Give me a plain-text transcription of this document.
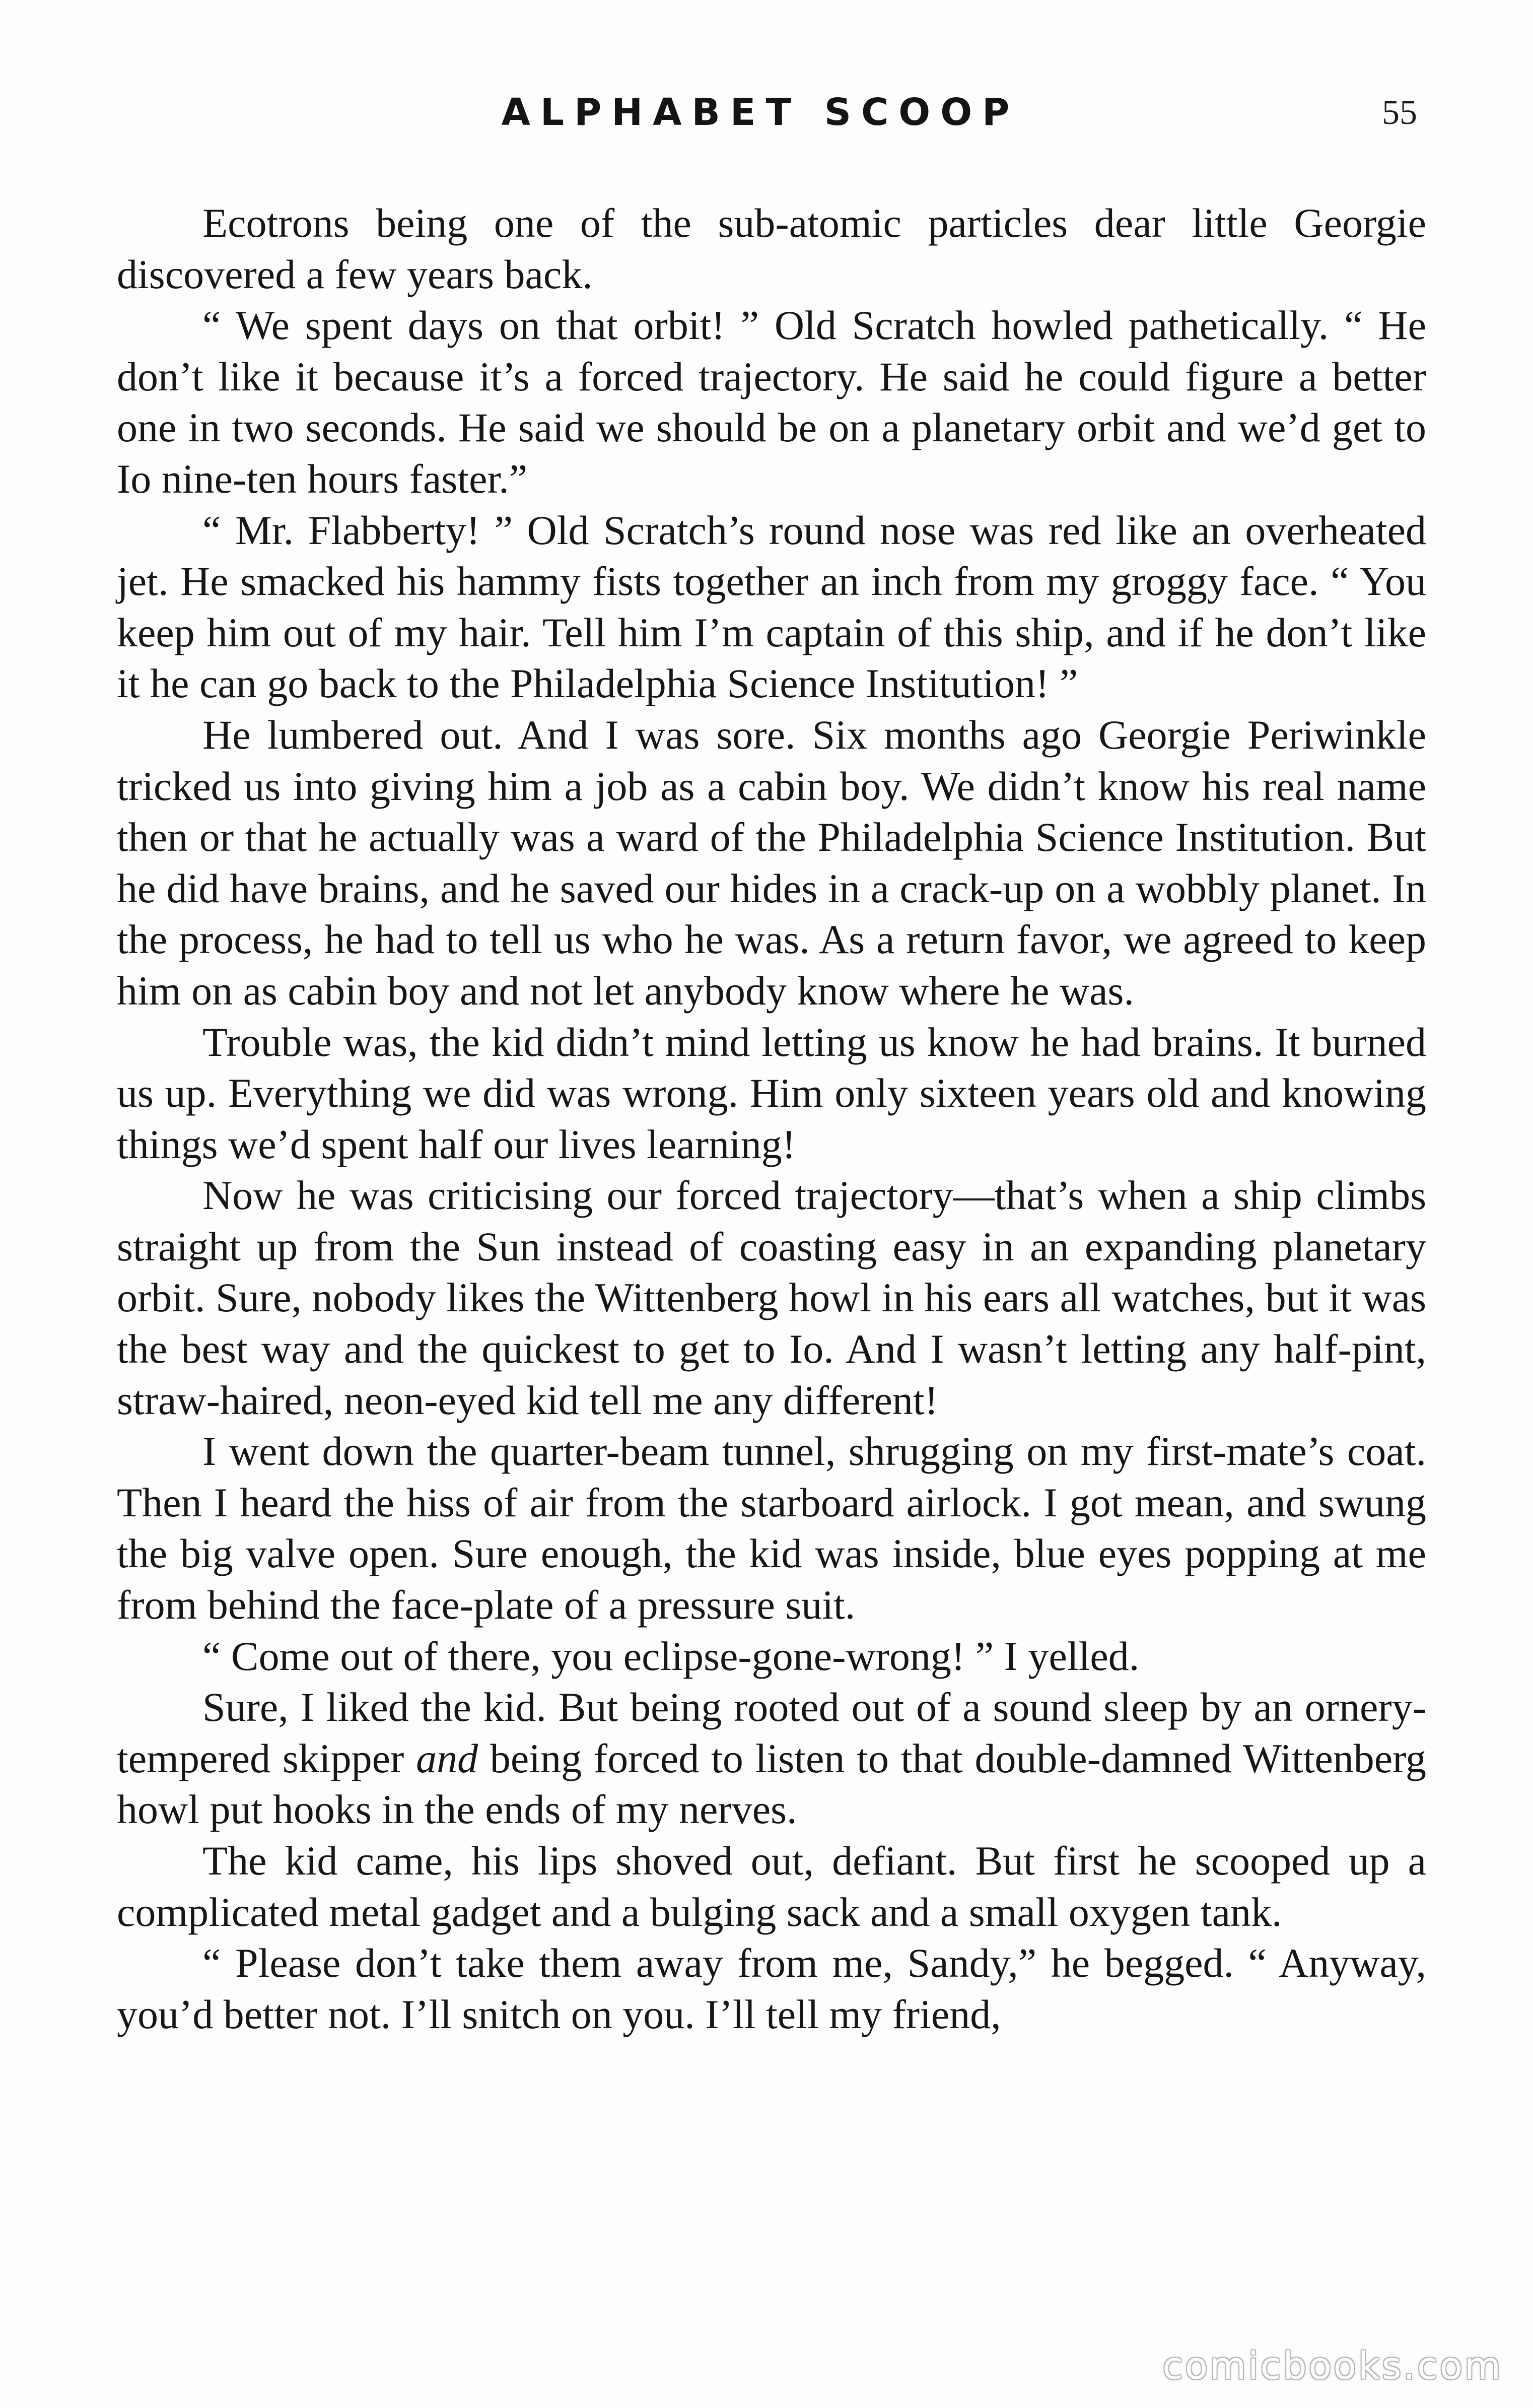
ALPHABET SCOOP	55

Ecotrons being one of the sub-atomic particles dear little Georgie discovered a few years back.

“ We spent days on that orbit! ” Old Scratch howled pathetically. “ He don’t like it because it’s a forced trajectory. He said he could figure a better one in two seconds. He said we should be on a planetary orbit and we’d get to Io nine-ten hours faster.”

“ Mr. Flabberty! ” Old Scratch’s round nose was red like an overheated jet. He smacked his hammy fists together an inch from my groggy face. “ You keep him out of my hair. Tell him I’m captain of this ship, and if he don’t like it he can go back to the Philadelphia Science Institution! ”

He lumbered out. And I was sore. Six months ago Georgie Periwinkle tricked us into giving him a job as a cabin boy. We didn’t know his real name then or that he actually was a ward of the Philadelphia Science Institution. But he did have brains, and he saved our hides in a crack-up on a wobbly planet. In the process, he had to tell us who he was. As a return favor, we agreed to keep him on as cabin boy and not let anybody know where he was.

Trouble was, the kid didn’t mind letting us know he had brains. It burned us up. Everything we did was wrong. Him only sixteen years old and knowing things we’d spent half our lives learning!

Now he was criticising our forced trajectory—that’s when a ship climbs straight up from the Sun instead of coasting easy in an expanding planetary orbit. Sure, nobody likes the Wittenberg howl in his ears all watches, but it was the best way and the quickest to get to Io. And I wasn’t letting any half-pint, straw-haired, neon-eyed kid tell me any different!

I went down the quarter-beam tunnel, shrugging on my first-mate’s coat. Then I heard the hiss of air from the starboard airlock. I got mean, and swung the big valve open. Sure enough, the kid was inside, blue eyes popping at me from behind the face-plate of a pressure suit.

“ Come out of there, you eclipse-gone-wrong! ” I yelled.

Sure, I liked the kid. But being rooted out of a sound sleep by an ornery-tempered skipper and being forced to listen to that double-damned Wittenberg howl put hooks in the ends of my nerves.

The kid came, his lips shoved out, defiant. But first he scooped up a complicated metal gadget and a bulging sack and a small oxygen tank.

“ Please don’t take them away from me, Sandy,” he begged. “ Anyway, you’d better not. I’ll snitch on you. I’ll tell my friend,

comicbooks.com
